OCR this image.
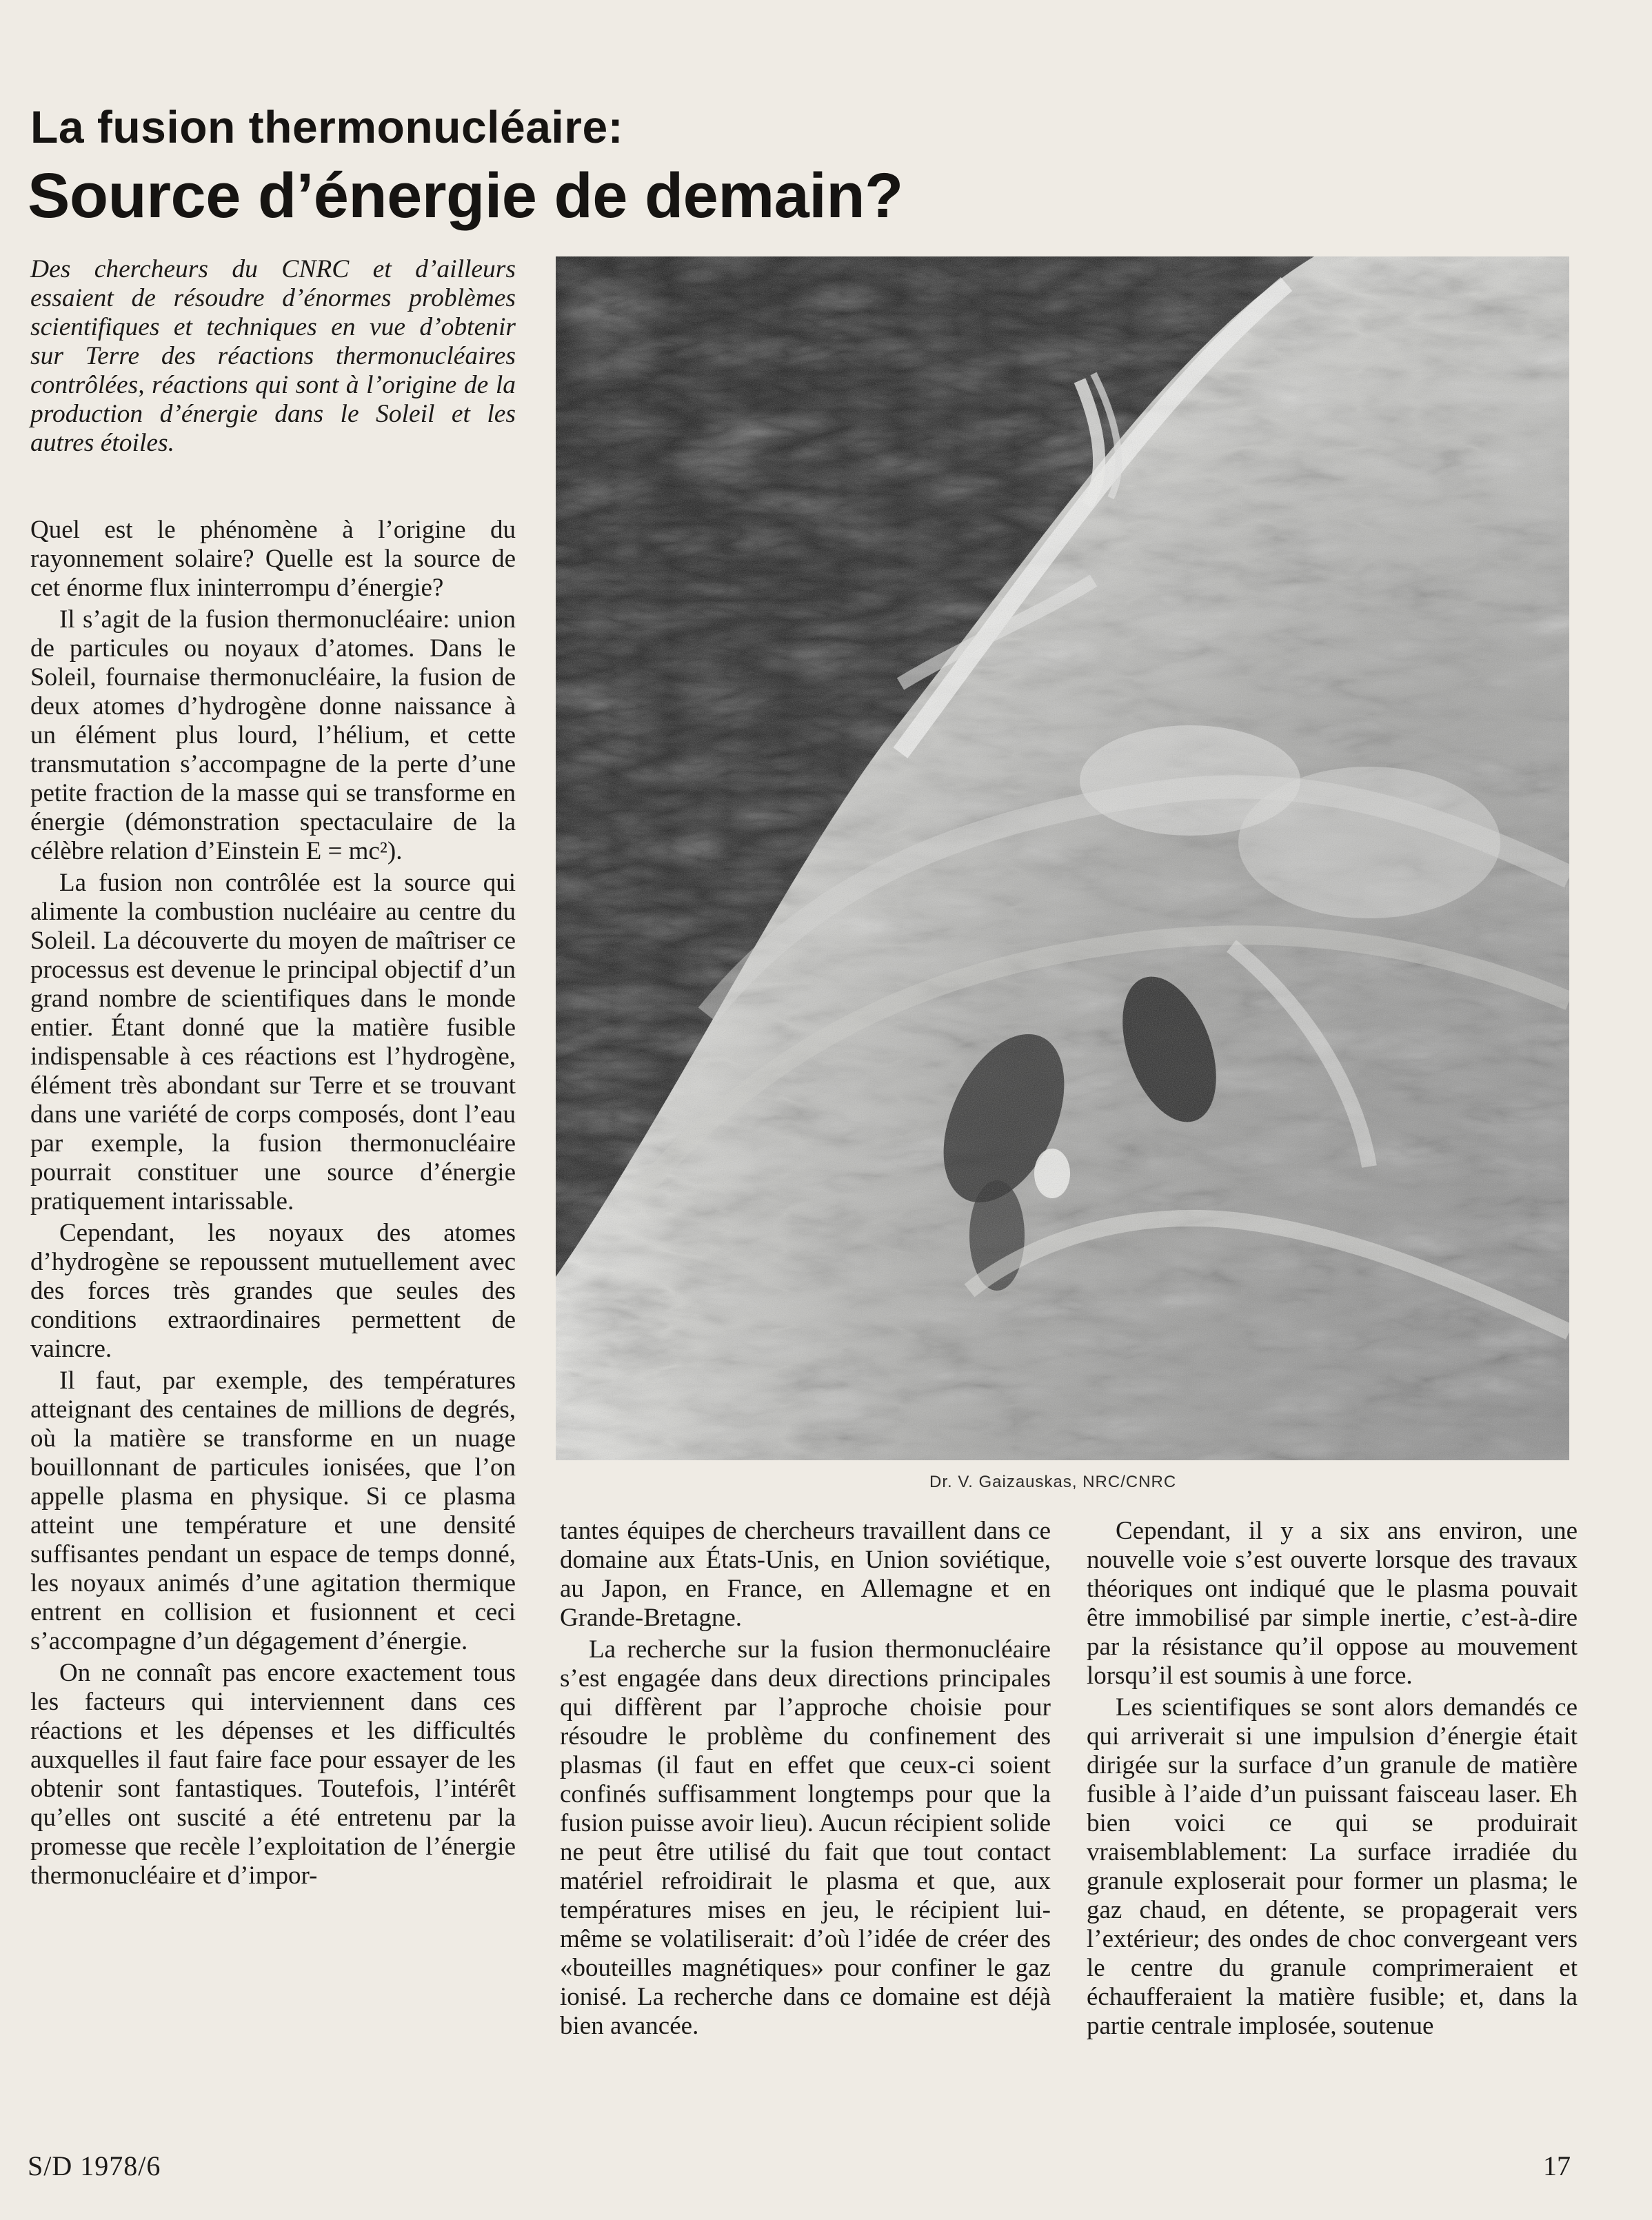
La fusion thermonucléaire:
Source d’énergie de demain?

Des chercheurs du CNRC et d’ailleurs essaient de résoudre d’énormes problèmes scientifiques et techniques en vue d’obtenir sur Terre des réactions thermonucléaires contrôlées, réactions qui sont à l’origine de la production d’énergie dans le Soleil et les autres étoiles.

Dr. V. Gaizauskas, NRC/CNRC

Quel est le phénomène à l’origine du rayonnement solaire? Quelle est la source de cet énorme flux ininterrompu d’énergie?

Il s’agit de la fusion thermonucléaire: union de particules ou noyaux d’atomes. Dans le Soleil, fournaise thermonucléaire, la fusion de deux atomes d’hydrogène donne naissance à un élément plus lourd, l’hélium, et cette transmutation s’accompagne de la perte d’une petite fraction de la masse qui se transforme en énergie (démonstration spectaculaire de la célèbre relation d’Einstein E = mc²).

La fusion non contrôlée est la source qui alimente la combustion nucléaire au centre du Soleil. La découverte du moyen de maîtriser ce processus est devenue le principal objectif d’un grand nombre de scientifiques dans le monde entier. Étant donné que la matière fusible indispensable à ces réactions est l’hydrogène, élément très abondant sur Terre et se trouvant dans une variété de corps composés, dont l’eau par exemple, la fusion thermonucléaire pourrait constituer une source d’énergie pratiquement intarissable.

Cependant, les noyaux des atomes d’hydrogène se repoussent mutuellement avec des forces très grandes que seules des conditions extraordinaires permettent de vaincre.

Il faut, par exemple, des températures atteignant des centaines de millions de degrés, où la matière se transforme en un nuage bouillonnant de particules ionisées, que l’on appelle plasma en physique. Si ce plasma atteint une température et une densité suffisantes pendant un espace de temps donné, les noyaux animés d’une agitation thermique entrent en collision et fusionnent et ceci s’accompagne d’un dégagement d’énergie.

On ne connaît pas encore exactement tous les facteurs qui interviennent dans ces réactions et les dépenses et les difficultés auxquelles il faut faire face pour essayer de les obtenir sont fantastiques. Toutefois, l’intérêt qu’elles ont suscité a été entretenu par la promesse que recèle l’exploitation de l’énergie thermonucléaire et d’impor-

tantes équipes de chercheurs travaillent dans ce domaine aux États-Unis, en Union soviétique, au Japon, en France, en Allemagne et en Grande-Bretagne.

La recherche sur la fusion thermonucléaire s’est engagée dans deux directions principales qui diffèrent par l’approche choisie pour résoudre le problème du confinement des plasmas (il faut en effet que ceux-ci soient confinés suffisamment longtemps pour que la fusion puisse avoir lieu). Aucun récipient solide ne peut être utilisé du fait que tout contact matériel refroidirait le plasma et que, aux températures mises en jeu, le récipient lui-même se volatiliserait: d’où l’idée de créer des «bouteilles magnétiques» pour confiner le gaz ionisé. La recherche dans ce domaine est déjà bien avancée.

Cependant, il y a six ans environ, une nouvelle voie s’est ouverte lorsque des travaux théoriques ont indiqué que le plasma pouvait être immobilisé par simple inertie, c’est-à-dire par la résistance qu’il oppose au mouvement lorsqu’il est soumis à une force.

Les scientifiques se sont alors demandés ce qui arriverait si une impulsion d’énergie était dirigée sur la surface d’un granule de matière fusible à l’aide d’un puissant faisceau laser. Eh bien voici ce qui se produirait vraisemblablement: La surface irradiée du granule exploserait pour former un plasma; le gaz chaud, en détente, se propagerait vers l’extérieur; des ondes de choc convergeant vers le centre du granule comprimeraient et échaufferaient la matière fusible; et, dans la partie centrale implosée, soutenue

S/D 1978/6	17
